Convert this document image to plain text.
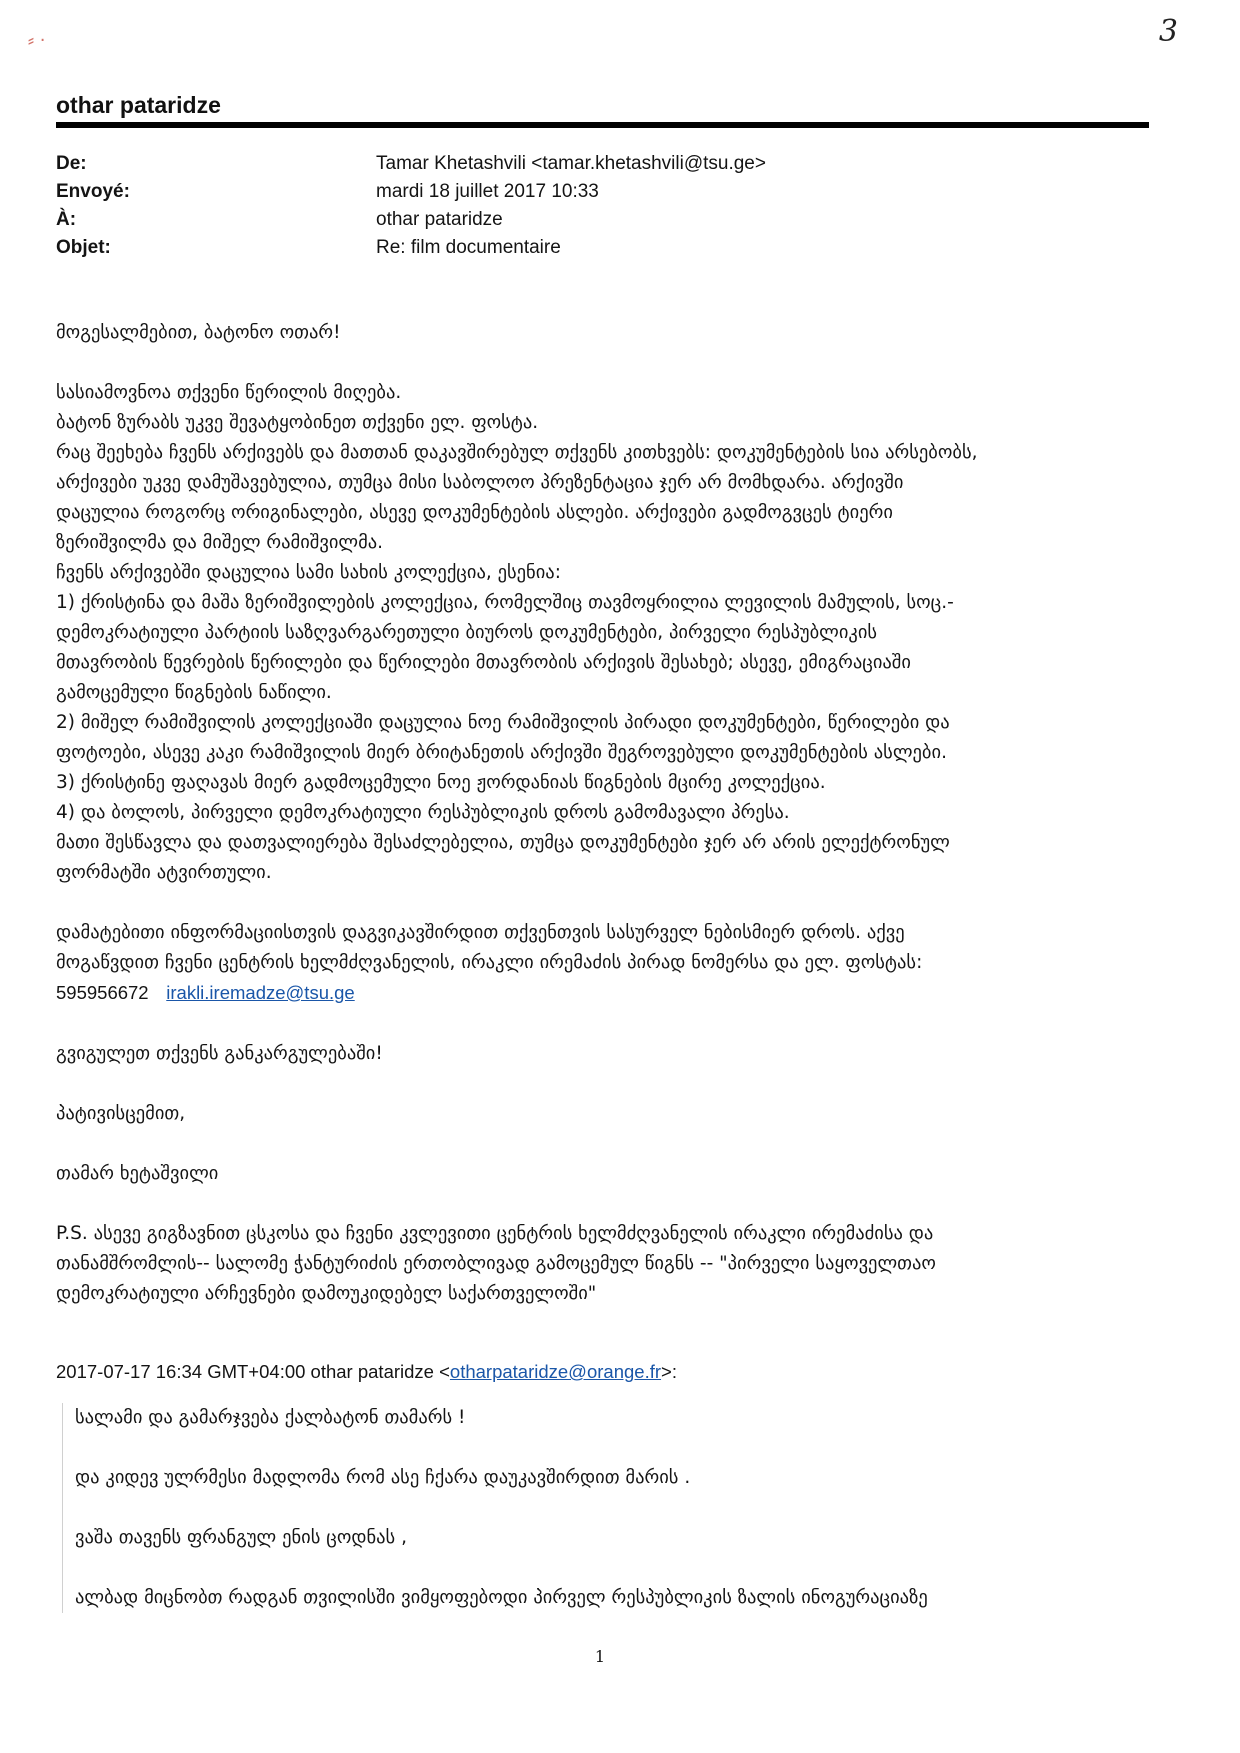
⸗ ·	3
othar pataridze
De:	Tamar Khetashvili <tamar.khetashvili@tsu.ge>
Envoyé:	mardi 18 juillet 2017 10:33
À:	othar pataridze
Objet:	Re: film documentaire

მოგესალმებით, ბატონო ოთარ!

სასიამოვნოა თქვენი წერილის მიღება.

ბატონ ზურაბს უკვე შევატყობინეთ თქვენი ელ. ფოსტა.

რაც შეეხება ჩვენს არქივებს და მათთან დაკავშირებულ თქვენს კითხვებს: დოკუმენტების სია არსებობს,

არქივები უკვე დამუშავებულია, თუმცა მისი საბოლოო პრეზენტაცია ჯერ არ მომხდარა. არქივში

დაცულია როგორც ორიგინალები, ასევე დოკუმენტების ასლები. არქივები გადმოგვცეს ტიერი

ზერიშვილმა და მიშელ რამიშვილმა.

ჩვენს არქივებში დაცულია სამი სახის კოლექცია, ესენია:

1) ქრისტინა და მაშა ზერიშვილების კოლექცია, რომელშიც თავმოყრილია ლევილის მამულის, სოც.-

დემოკრატიული პარტიის საზღვარგარეთული ბიუროს დოკუმენტები, პირველი რესპუბლიკის

მთავრობის წევრების წერილები და წერილები მთავრობის არქივის შესახებ; ასევე, ემიგრაციაში

გამოცემული წიგნების ნაწილი.

2) მიშელ რამიშვილის კოლექციაში დაცულია ნოე რამიშვილის პირადი დოკუმენტები, წერილები და

ფოტოები, ასევე კაკი რამიშვილის მიერ ბრიტანეთის არქივში შეგროვებული დოკუმენტების ასლები.

3) ქრისტინე ფაღავას მიერ გადმოცემული ნოე ჟორდანიას წიგნების მცირე კოლექცია.

4) და ბოლოს, პირველი დემოკრატიული რესპუბლიკის დროს გამომავალი პრესა.

მათი შესწავლა და დათვალიერება შესაძლებელია, თუმცა დოკუმენტები ჯერ არ არის ელექტრონულ

ფორმატში ატვირთული.

დამატებითი ინფორმაციისთვის დაგვიკავშირდით თქვენთვის სასურველ ნებისმიერ დროს. აქვე

მოგაწვდით ჩვენი ცენტრის ხელმძღვანელის, ირაკლი ირემაძის პირად ნომერსა და ელ. ფოსტას:

595956672 irakli.iremadze@tsu.ge

გვიგულეთ თქვენს განკარგულებაში!

პატივისცემით,

თამარ ხეტაშვილი

P.S. ასევე გიგზავნით ცსკოსა და ჩვენი კვლევითი ცენტრის ხელმძღვანელის ირაკლი ირემაძისა და

თანამშრომლის-- სალომე ჭანტურიძის ერთობლივად გამოცემულ წიგნს -- "პირველი საყოველთაო

დემოკრატიული არჩევნები დამოუკიდებელ საქართველოში"

2017-07-17 16:34 GMT+04:00 othar pataridze <otharpataridze@orange.fr>:

სალამი და გამარჯვება ქალბატონ თამარს !

და კიდევ ულრმესი მადლომა რომ ასე ჩქარა დაუკავშირდით მარის .

ვაშა თავენს ფრანგულ ენის ცოდნას ,

ალბად მიცნობთ რადგან თვილისში ვიმყოფებოდი პირველ რესპუბლიკის ზალის ინოგურაციაზე

1
